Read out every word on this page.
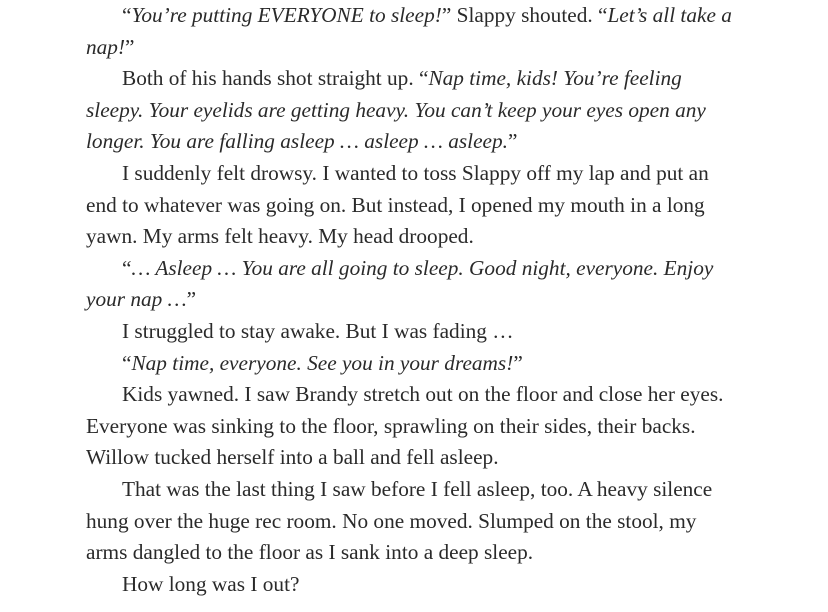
“You’re putting EVERYONE to sleep!” Slappy shouted. “Let’s all take a
nap!”
Both of his hands shot straight up. “Nap time, kids! You’re feeling
sleepy. Your eyelids are getting heavy. You can’t keep your eyes open any
longer. You are falling asleep … asleep … asleep.”
I suddenly felt drowsy. I wanted to toss Slappy off my lap and put an
end to whatever was going on. But instead, I opened my mouth in a long
yawn. My arms felt heavy. My head drooped.
“… Asleep … You are all going to sleep. Good night, everyone. Enjoy
your nap …”
I struggled to stay awake. But I was fading …
“Nap time, everyone. See you in your dreams!”
Kids yawned. I saw Brandy stretch out on the floor and close her eyes.
Everyone was sinking to the floor, sprawling on their sides, their backs.
Willow tucked herself into a ball and fell asleep.
That was the last thing I saw before I fell asleep, too. A heavy silence
hung over the huge rec room. No one moved. Slumped on the stool, my
arms dangled to the floor as I sank into a deep sleep.
How long was I out?
